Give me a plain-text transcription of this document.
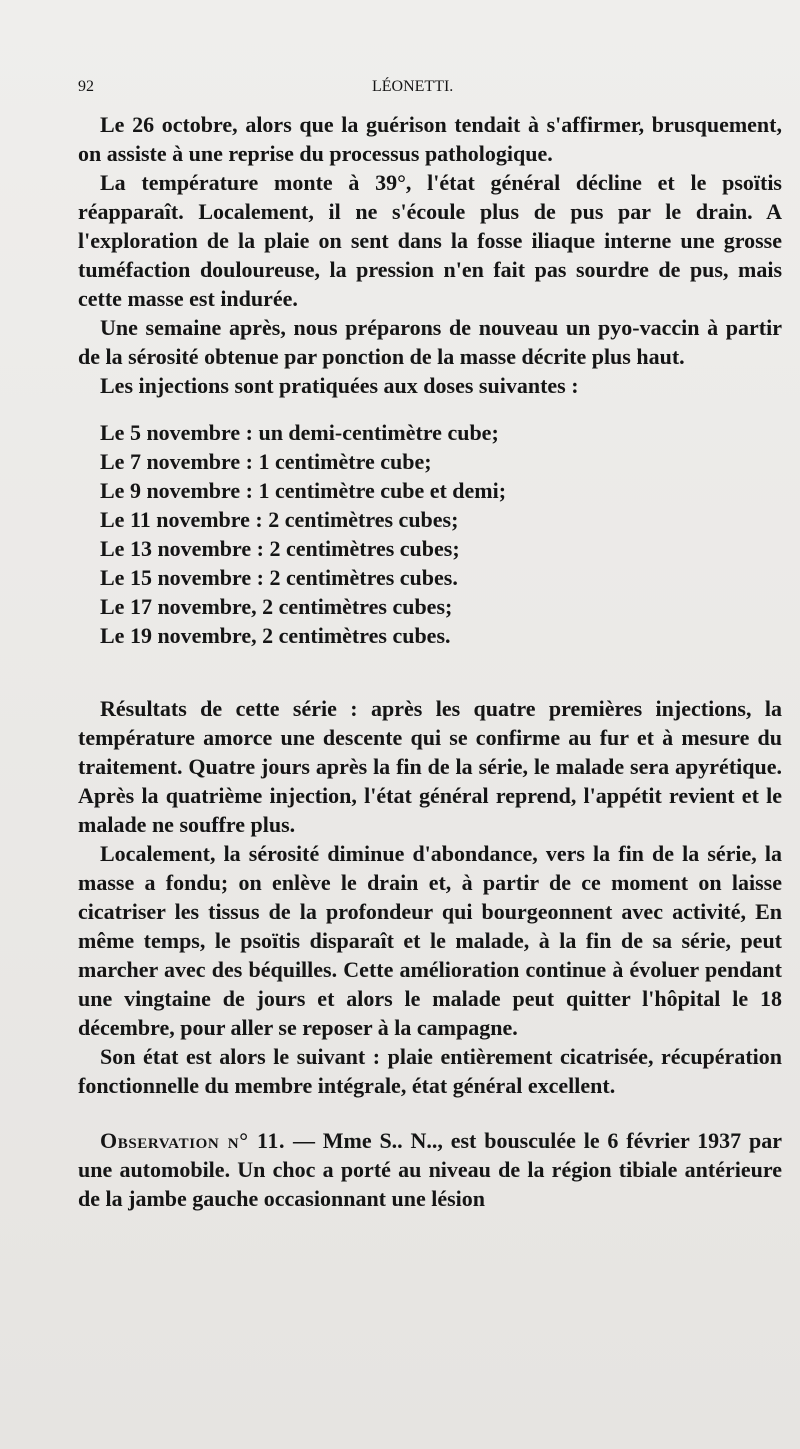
92	LÉONETTI.

Le 26 octobre, alors que la guérison tendait à s'affirmer, brusquement, on assiste à une reprise du processus pathologique.

La température monte à 39°, l'état général décline et le psoïtis réapparaît. Localement, il ne s'écoule plus de pus par le drain. A l'exploration de la plaie on sent dans la fosse iliaque interne une grosse tuméfaction douloureuse, la pression n'en fait pas sourdre de pus, mais cette masse est indurée.

Une semaine après, nous préparons de nouveau un pyo-vaccin à partir de la sérosité obtenue par ponction de la masse décrite plus haut.

Les injections sont pratiquées aux doses suivantes :

Le 5 novembre : un demi-centimètre cube;

Le 7 novembre : 1 centimètre cube;

Le 9 novembre : 1 centimètre cube et demi;

Le 11 novembre : 2 centimètres cubes;

Le 13 novembre : 2 centimètres cubes;

Le 15 novembre : 2 centimètres cubes.

Le 17 novembre, 2 centimètres cubes;

Le 19 novembre, 2 centimètres cubes.

Résultats de cette série : après les quatre premières injections, la température amorce une descente qui se confirme au fur et à mesure du traitement. Quatre jours après la fin de la série, le malade sera apyrétique. Après la quatrième injection, l'état général reprend, l'appétit revient et le malade ne souffre plus.

Localement, la sérosité diminue d'abondance, vers la fin de la série, la masse a fondu; on enlève le drain et, à partir de ce moment on laisse cicatriser les tissus de la profondeur qui bourgeonnent avec activité, En même temps, le psoïtis disparaît et le malade, à la fin de sa série, peut marcher avec des béquilles. Cette amélioration continue à évoluer pendant une vingtaine de jours et alors le malade peut quitter l'hôpital le 18 décembre, pour aller se reposer à la campagne.

Son état est alors le suivant : plaie entièrement cicatrisée, récupération fonctionnelle du membre intégrale, état général excellent.

Observation n° 11. — Mme S.. N.., est bousculée le 6 février 1937 par une automobile. Un choc a porté au niveau de la région tibiale antérieure de la jambe gauche occasionnant une lésion
